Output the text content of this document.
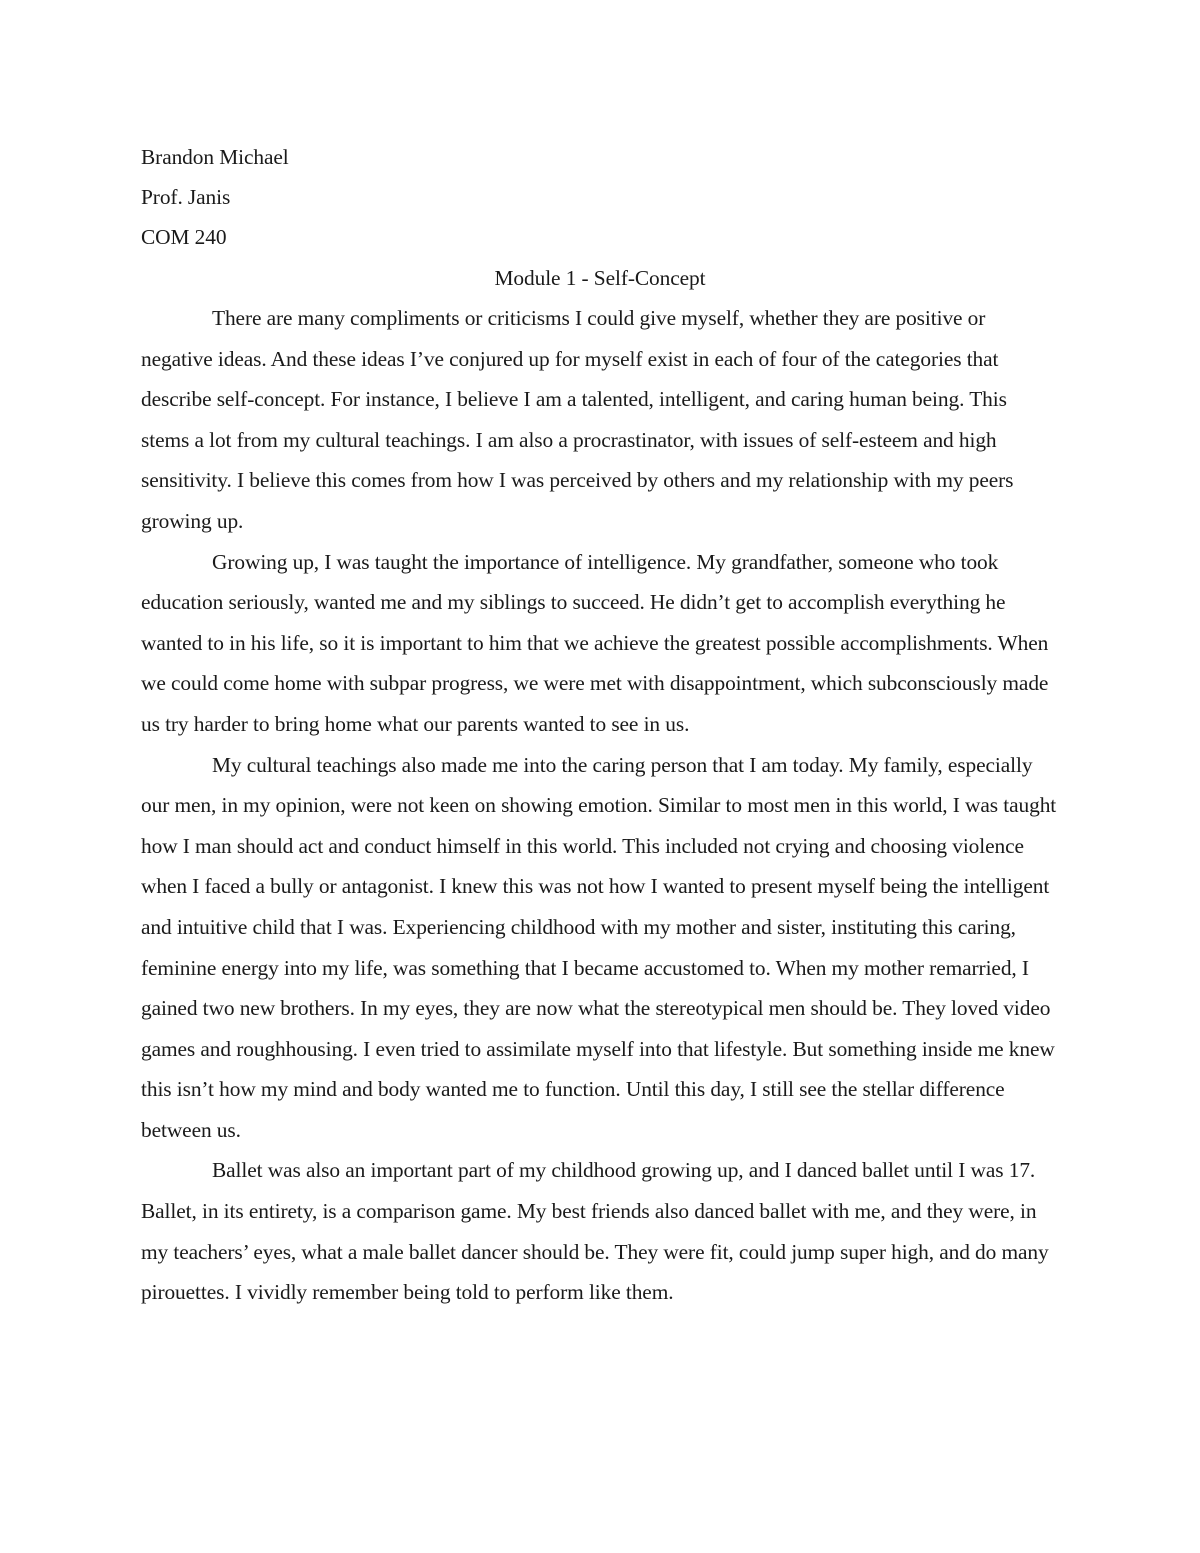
Brandon Michael
Prof. Janis
COM 240
Module 1 - Self-Concept

There are many compliments or criticisms I could give myself, whether they are positive or negative ideas. And these ideas I’ve conjured up for myself exist in each of four of the categories that describe self-concept. For instance, I believe I am a talented, intelligent, and caring human being. This stems a lot from my cultural teachings. I am also a procrastinator, with issues of self-esteem and high sensitivity. I believe this comes from how I was perceived by others and my relationship with my peers growing up.

Growing up, I was taught the importance of intelligence. My grandfather, someone who took education seriously, wanted me and my siblings to succeed. He didn’t get to accomplish everything he wanted to in his life, so it is important to him that we achieve the greatest possible accomplishments. When we could come home with subpar progress, we were met with disappointment, which subconsciously made us try harder to bring home what our parents wanted to see in us.

My cultural teachings also made me into the caring person that I am today. My family, especially our men, in my opinion, were not keen on showing emotion. Similar to most men in this world, I was taught how I man should act and conduct himself in this world. This included not crying and choosing violence when I faced a bully or antagonist. I knew this was not how I wanted to present myself being the intelligent and intuitive child that I was. Experiencing childhood with my mother and sister, instituting this caring, feminine energy into my life, was something that I became accustomed to. When my mother remarried, I gained two new brothers. In my eyes, they are now what the stereotypical men should be. They loved video games and roughhousing. I even tried to assimilate myself into that lifestyle. But something inside me knew this isn’t how my mind and body wanted me to function. Until this day, I still see the stellar difference between us.

Ballet was also an important part of my childhood growing up, and I danced ballet until I was 17. Ballet, in its entirety, is a comparison game. My best friends also danced ballet with me, and they were, in my teachers’ eyes, what a male ballet dancer should be. They were fit, could jump super high, and do many pirouettes. I vividly remember being told to perform like them.
